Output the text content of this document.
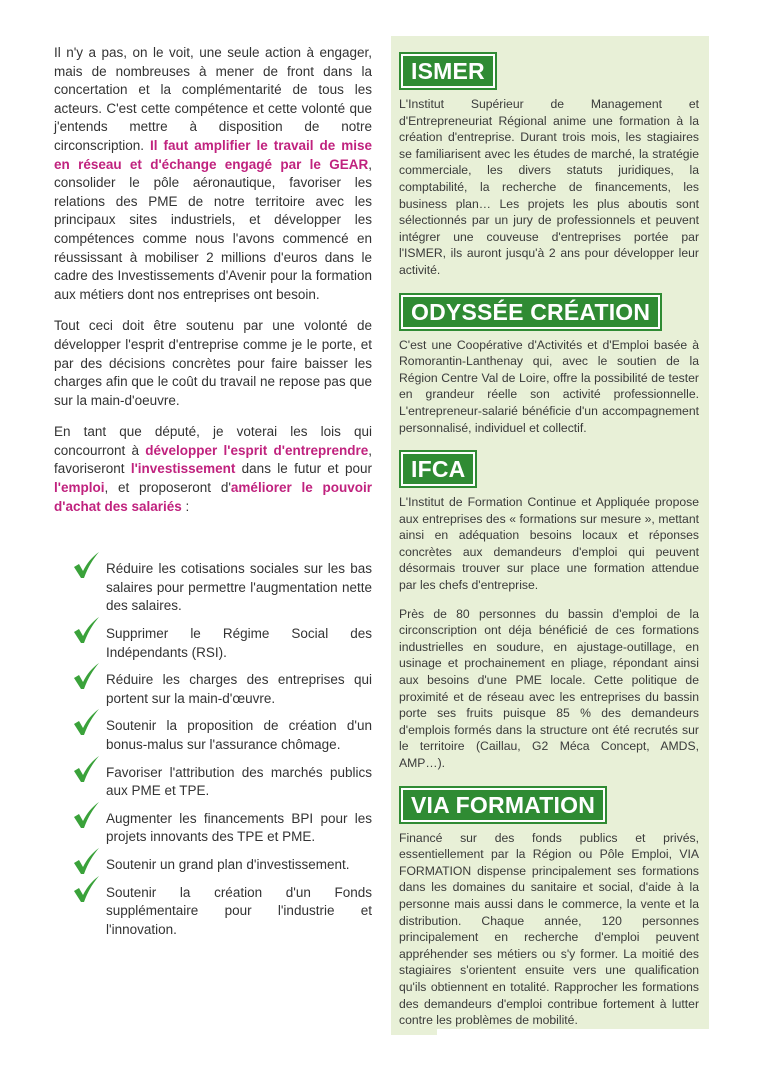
Il n'y a pas, on le voit, une seule action à engager, mais de nombreuses à mener de front dans la concertation et la complémentarité de tous les acteurs. C'est cette compétence et cette volonté que j'entends mettre à disposition de notre circonscription. Il faut amplifier le travail de mise en réseau et d'échange engagé par le GEAR, consolider le pôle aéronautique, favoriser les relations des PME de notre territoire avec les principaux sites industriels, et développer les compétences comme nous l'avons commencé en réussissant à mobiliser 2 millions d'euros dans le cadre des Investissements d'Avenir pour la formation aux métiers dont nos entreprises ont besoin.

Tout ceci doit être soutenu par une volonté de développer l'esprit d'entreprise comme je le porte, et par des décisions concrètes pour faire baisser les charges afin que le coût du travail ne repose pas que sur la main-d'oeuvre.

En tant que député, je voterai les lois qui concourront à développer l'esprit d'entreprendre, favoriseront l'investissement dans le futur et pour l'emploi, et proposeront d'améliorer le pouvoir d'achat des salariés :

Réduire les cotisations sociales sur les bas salaires pour permettre l'augmentation nette des salaires.
Supprimer le Régime Social des Indépendants (RSI).
Réduire les charges des entreprises qui portent sur la main-d'œuvre.
Soutenir la proposition de création d'un bonus-malus sur l'assurance chômage.
Favoriser l'attribution des marchés publics aux PME et TPE.
Augmenter les financements BPI pour les projets innovants des TPE et PME.
Soutenir un grand plan d'investissement.
Soutenir la création d'un Fonds supplémentaire pour l'industrie et l'innovation.
ISMER

L'Institut Supérieur de Management et d'Entrepreneuriat Régional anime une formation à la création d'entreprise. Durant trois mois, les stagiaires se familiarisent avec les études de marché, la stratégie commerciale, les divers statuts juridiques, la comptabilité, la recherche de financements, les business plan… Les projets les plus aboutis sont sélectionnés par un jury de professionnels et peuvent intégrer une couveuse d'entreprises portée par l'ISMER, ils auront jusqu'à 2 ans pour développer leur activité.

ODYSSÉE CRÉATION

C'est une Coopérative d'Activités et d'Emploi basée à Romorantin-Lanthenay qui, avec le soutien de la Région Centre Val de Loire, offre la possibilité de tester en grandeur réelle son activité professionnelle. L'entrepreneur-salarié bénéficie d'un accompagnement personnalisé, individuel et collectif.

IFCA

L'Institut de Formation Continue et Appliquée propose aux entreprises des « formations sur mesure », mettant ainsi en adéquation besoins locaux et réponses concrètes aux demandeurs d'emploi qui peuvent désormais trouver sur place une formation attendue par les chefs d'entreprise.

Près de 80 personnes du bassin d'emploi de la circonscription ont déja bénéficié de ces formations industrielles en soudure, en ajustage-outillage, en usinage et prochainement en pliage, répondant ainsi aux besoins d'une PME locale. Cette politique de proximité et de réseau avec les entreprises du bassin porte ses fruits puisque 85 % des demandeurs d'emplois formés dans la structure ont été recrutés sur le territoire (Caillau, G2 Méca Concept, AMDS, AMP…).

VIA FORMATION

Financé sur des fonds publics et privés, essentiellement par la Région ou Pôle Emploi, VIA FORMATION dispense principalement ses formations dans les domaines du sanitaire et social, d'aide à la personne mais aussi dans le commerce, la vente et la distribution. Chaque année, 120 personnes principalement en recherche d'emploi peuvent appréhender ses métiers ou s'y former. La moitié des stagiaires s'orientent ensuite vers une qualification qu'ils obtiennent en totalité. Rapprocher les formations des demandeurs d'emploi contribue fortement à lutter contre les problèmes de mobilité.
